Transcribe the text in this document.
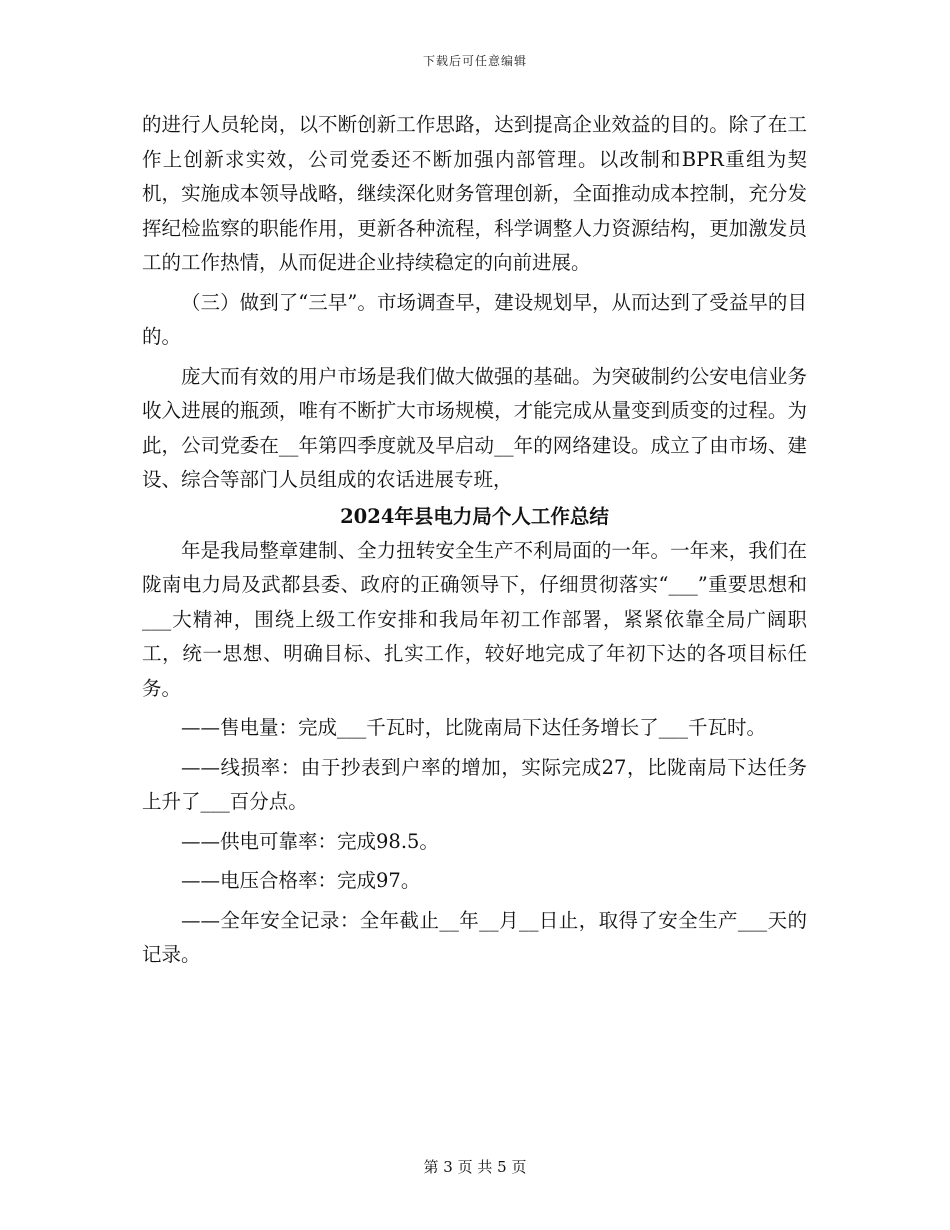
下载后可任意编辑

的进行人员轮岗，以不断创新工作思路，达到提高企业效益的目的。除了在工作上创新求实效，公司党委还不断加强内部管理。以改制和BPR重组为契机，实施成本领导战略，继续深化财务管理创新，全面推动成本控制，充分发挥纪检监察的职能作用，更新各种流程，科学调整人力资源结构，更加激发员工的工作热情，从而促进企业持续稳定的向前进展。

（三）做到了“三早”。市场调查早，建设规划早，从而达到了受益早的目的。

庞大而有效的用户市场是我们做大做强的基础。为突破制约公安电信业务收入进展的瓶颈，唯有不断扩大市场规模，才能完成从量变到质变的过程。为此，公司党委在__年第四季度就及早启动__年的网络建设。成立了由市场、建设、综合等部门人员组成的农话进展专班，

2024年县电力局个人工作总结

年是我局整章建制、全力扭转安全生产不利局面的一年。一年来，我们在陇南电力局及武都县委、政府的正确领导下，仔细贯彻落实“___”重要思想和___大精神，围绕上级工作安排和我局年初工作部署，紧紧依靠全局广阔职工，统一思想、明确目标、扎实工作，较好地完成了年初下达的各项目标任务。

——售电量：完成___千瓦时，比陇南局下达任务增长了___千瓦时。

——线损率：由于抄表到户率的增加，实际完成27，比陇南局下达任务上升了___百分点。

——供电可靠率：完成98.5。

——电压合格率：完成97。

——全年安全记录：全年截止__年__月__日止，取得了安全生产___天的记录。

第 3 页 共 5 页
